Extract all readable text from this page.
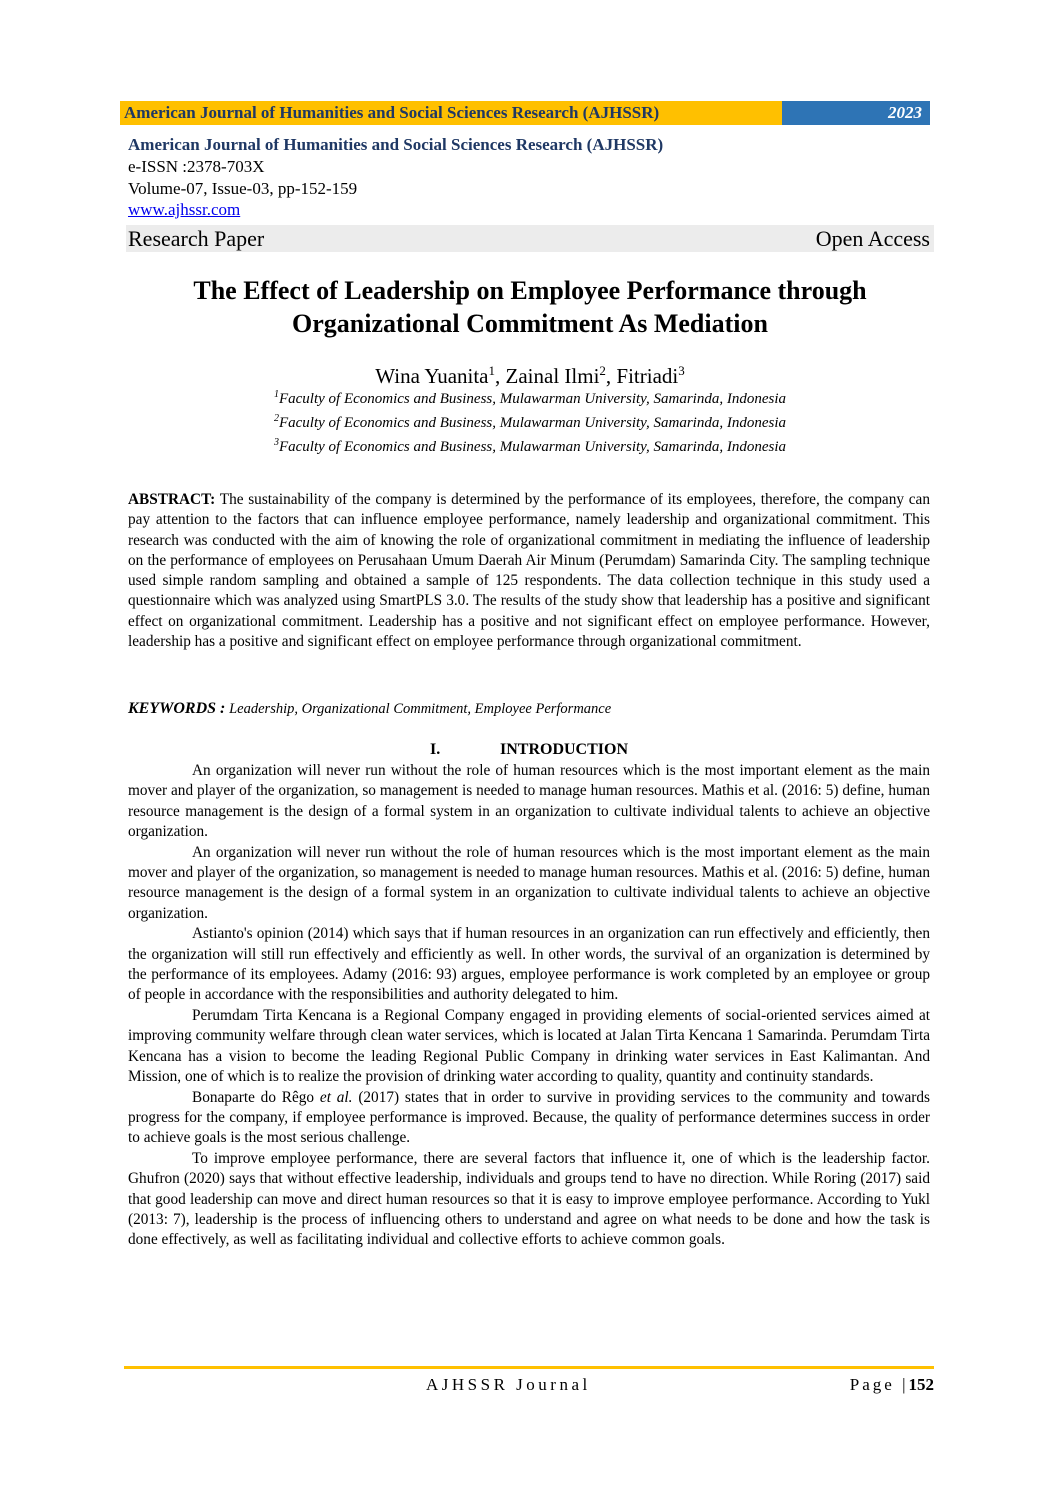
American Journal of Humanities and Social Sciences Research (AJHSSR)	2023
American Journal of Humanities and Social Sciences Research (AJHSSR)
e-ISSN :2378-703X
Volume-07, Issue-03, pp-152-159
www.ajhssr.com
Research Paper	Open Access
The Effect of Leadership on Employee Performance through
Organizational Commitment As Mediation
Wina Yuanita$^1$, Zainal Ilmi$^2$, Fitriadi$^3$
$^1$Faculty of Economics and Business, Mulawarman University, Samarinda, Indonesia
$^2$Faculty of Economics and Business, Mulawarman University, Samarinda, Indonesia
$^3$Faculty of Economics and Business, Mulawarman University, Samarinda, Indonesia
ABSTRACT: The sustainability of the company is determined by the performance of its employees, therefore, the company can pay attention to the factors that can influence employee performance, namely leadership and organizational commitment. This research was conducted with the aim of knowing the role of organizational commitment in mediating the influence of leadership on the performance of employees on Perusahaan Umum Daerah Air Minum (Perumdam) Samarinda City. The sampling technique used simple random sampling and obtained a sample of 125 respondents. The data collection technique in this study used a questionnaire which was analyzed using SmartPLS 3.0. The results of the study show that leadership has a positive and significant effect on organizational commitment. Leadership has a positive and not significant effect on employee performance. However, leadership has a positive and significant effect on employee performance through organizational commitment.
KEYWORDS : Leadership, Organizational Commitment, Employee Performance
I.	INTRODUCTION

An organization will never run without the role of human resources which is the most important element as the main mover and player of the organization, so management is needed to manage human resources. Mathis et al. (2016: 5) define, human resource management is the design of a formal system in an organization to cultivate individual talents to achieve an objective organization.

An organization will never run without the role of human resources which is the most important element as the main mover and player of the organization, so management is needed to manage human resources. Mathis et al. (2016: 5) define, human resource management is the design of a formal system in an organization to cultivate individual talents to achieve an objective organization.

Astianto's opinion (2014) which says that if human resources in an organization can run effectively and efficiently, then the organization will still run effectively and efficiently as well. In other words, the survival of an organization is determined by the performance of its employees. Adamy (2016: 93) argues, employee performance is work completed by an employee or group of people in accordance with the responsibilities and authority delegated to him.

Perumdam Tirta Kencana is a Regional Company engaged in providing elements of social-oriented services aimed at improving community welfare through clean water services, which is located at Jalan Tirta Kencana 1 Samarinda. Perumdam Tirta Kencana has a vision to become the leading Regional Public Company in drinking water services in East Kalimantan. And Mission, one of which is to realize the provision of drinking water according to quality, quantity and continuity standards.

Bonaparte do Rêgo et al. (2017) states that in order to survive in providing services to the community and towards progress for the company, if employee performance is improved. Because, the quality of performance determines success in order to achieve goals is the most serious challenge.

To improve employee performance, there are several factors that influence it, one of which is the leadership factor. Ghufron (2020) says that without effective leadership, individuals and groups tend to have no direction. While Roring (2017) said that good leadership can move and direct human resources so that it is easy to improve employee performance. According to Yukl (2013: 7), leadership is the process of influencing others to understand and agree on what needs to be done and how the task is done effectively, as well as facilitating individual and collective efforts to achieve common goals.

AJHSSR Journal	Page |152
